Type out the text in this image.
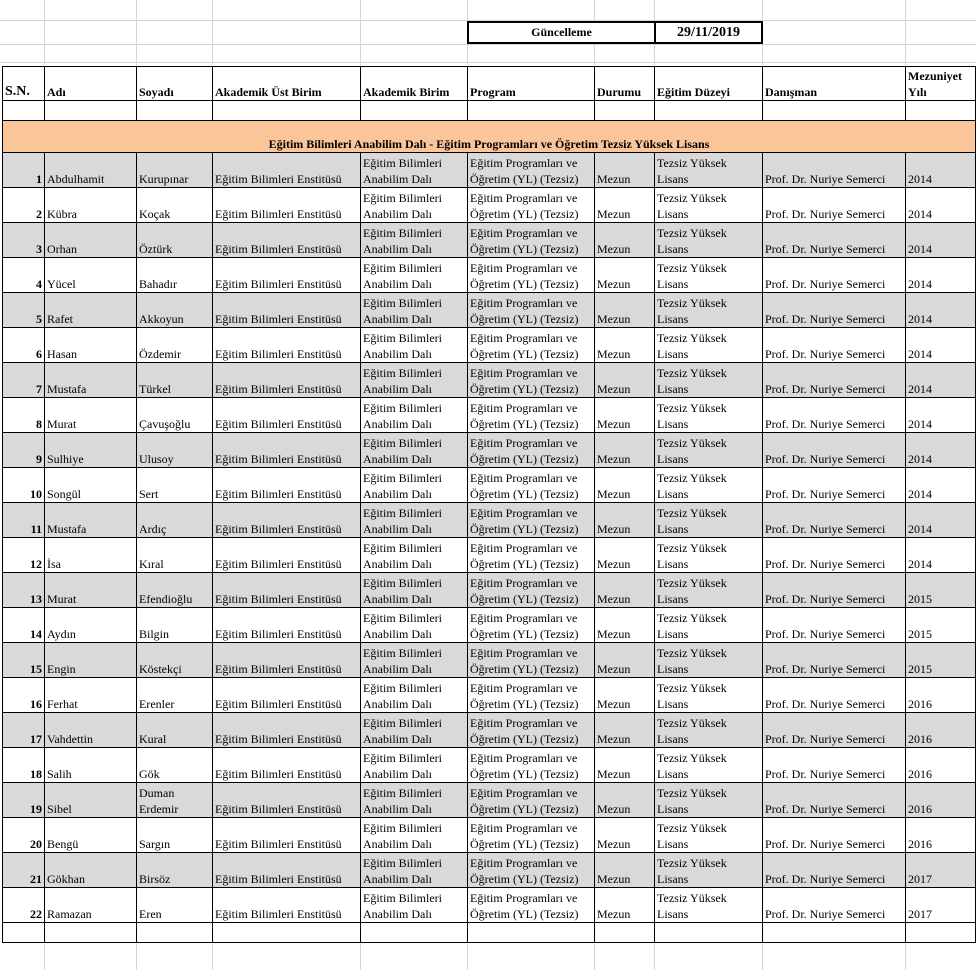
Güncelleme	29/11/2019
S.N.	Adı	Soyadı	Akademik Üst Birim	Akademik Birim	Program	Durumu	Eğitim Düzeyi	Danışman	Mezuniyet Yılı

Eğitim Bilimleri Anabilim Dalı - Eğitim Programları ve Öğretim Tezsiz Yüksek Lisans									
1	Abdulhamit	Kurupınar	Eğitim Bilimleri Enstitüsü	Eğitim Bilimleri Anabilim Dalı	Eğitim Programları ve Öğretim (YL) (Tezsiz)	Mezun	Tezsiz Yüksek Lisans	Prof. Dr. Nuriye Semerci	2014
2	Kübra	Koçak	Eğitim Bilimleri Enstitüsü	Eğitim Bilimleri Anabilim Dalı	Eğitim Programları ve Öğretim (YL) (Tezsiz)	Mezun	Tezsiz Yüksek Lisans	Prof. Dr. Nuriye Semerci	2014
3	Orhan	Öztürk	Eğitim Bilimleri Enstitüsü	Eğitim Bilimleri Anabilim Dalı	Eğitim Programları ve Öğretim (YL) (Tezsiz)	Mezun	Tezsiz Yüksek Lisans	Prof. Dr. Nuriye Semerci	2014
4	Yücel	Bahadır	Eğitim Bilimleri Enstitüsü	Eğitim Bilimleri Anabilim Dalı	Eğitim Programları ve Öğretim (YL) (Tezsiz)	Mezun	Tezsiz Yüksek Lisans	Prof. Dr. Nuriye Semerci	2014
5	Rafet	Akkoyun	Eğitim Bilimleri Enstitüsü	Eğitim Bilimleri Anabilim Dalı	Eğitim Programları ve Öğretim (YL) (Tezsiz)	Mezun	Tezsiz Yüksek Lisans	Prof. Dr. Nuriye Semerci	2014
6	Hasan	Özdemir	Eğitim Bilimleri Enstitüsü	Eğitim Bilimleri Anabilim Dalı	Eğitim Programları ve Öğretim (YL) (Tezsiz)	Mezun	Tezsiz Yüksek Lisans	Prof. Dr. Nuriye Semerci	2014
7	Mustafa	Türkel	Eğitim Bilimleri Enstitüsü	Eğitim Bilimleri Anabilim Dalı	Eğitim Programları ve Öğretim (YL) (Tezsiz)	Mezun	Tezsiz Yüksek Lisans	Prof. Dr. Nuriye Semerci	2014
8	Murat	Çavuşoğlu	Eğitim Bilimleri Enstitüsü	Eğitim Bilimleri Anabilim Dalı	Eğitim Programları ve Öğretim (YL) (Tezsiz)	Mezun	Tezsiz Yüksek Lisans	Prof. Dr. Nuriye Semerci	2014
9	Sulhiye	Ulusoy	Eğitim Bilimleri Enstitüsü	Eğitim Bilimleri Anabilim Dalı	Eğitim Programları ve Öğretim (YL) (Tezsiz)	Mezun	Tezsiz Yüksek Lisans	Prof. Dr. Nuriye Semerci	2014
10	Songül	Sert	Eğitim Bilimleri Enstitüsü	Eğitim Bilimleri Anabilim Dalı	Eğitim Programları ve Öğretim (YL) (Tezsiz)	Mezun	Tezsiz Yüksek Lisans	Prof. Dr. Nuriye Semerci	2014
11	Mustafa	Ardıç	Eğitim Bilimleri Enstitüsü	Eğitim Bilimleri Anabilim Dalı	Eğitim Programları ve Öğretim (YL) (Tezsiz)	Mezun	Tezsiz Yüksek Lisans	Prof. Dr. Nuriye Semerci	2014
12	İsa	Kıral	Eğitim Bilimleri Enstitüsü	Eğitim Bilimleri Anabilim Dalı	Eğitim Programları ve Öğretim (YL) (Tezsiz)	Mezun	Tezsiz Yüksek Lisans	Prof. Dr. Nuriye Semerci	2014
13	Murat	Efendioğlu	Eğitim Bilimleri Enstitüsü	Eğitim Bilimleri Anabilim Dalı	Eğitim Programları ve Öğretim (YL) (Tezsiz)	Mezun	Tezsiz Yüksek Lisans	Prof. Dr. Nuriye Semerci	2015
14	Aydın	Bilgin	Eğitim Bilimleri Enstitüsü	Eğitim Bilimleri Anabilim Dalı	Eğitim Programları ve Öğretim (YL) (Tezsiz)	Mezun	Tezsiz Yüksek Lisans	Prof. Dr. Nuriye Semerci	2015
15	Engin	Köstekçi	Eğitim Bilimleri Enstitüsü	Eğitim Bilimleri Anabilim Dalı	Eğitim Programları ve Öğretim (YL) (Tezsiz)	Mezun	Tezsiz Yüksek Lisans	Prof. Dr. Nuriye Semerci	2015
16	Ferhat	Erenler	Eğitim Bilimleri Enstitüsü	Eğitim Bilimleri Anabilim Dalı	Eğitim Programları ve Öğretim (YL) (Tezsiz)	Mezun	Tezsiz Yüksek Lisans	Prof. Dr. Nuriye Semerci	2016
17	Vahdettin	Kural	Eğitim Bilimleri Enstitüsü	Eğitim Bilimleri Anabilim Dalı	Eğitim Programları ve Öğretim (YL) (Tezsiz)	Mezun	Tezsiz Yüksek Lisans	Prof. Dr. Nuriye Semerci	2016
18	Salih	Gök	Eğitim Bilimleri Enstitüsü	Eğitim Bilimleri Anabilim Dalı	Eğitim Programları ve Öğretim (YL) (Tezsiz)	Mezun	Tezsiz Yüksek Lisans	Prof. Dr. Nuriye Semerci	2016
19	Sibel	Duman Erdemir	Eğitim Bilimleri Enstitüsü	Eğitim Bilimleri Anabilim Dalı	Eğitim Programları ve Öğretim (YL) (Tezsiz)	Mezun	Tezsiz Yüksek Lisans	Prof. Dr. Nuriye Semerci	2016
20	Bengü	Sargın	Eğitim Bilimleri Enstitüsü	Eğitim Bilimleri Anabilim Dalı	Eğitim Programları ve Öğretim (YL) (Tezsiz)	Mezun	Tezsiz Yüksek Lisans	Prof. Dr. Nuriye Semerci	2016
21	Gökhan	Birsöz	Eğitim Bilimleri Enstitüsü	Eğitim Bilimleri Anabilim Dalı	Eğitim Programları ve Öğretim (YL) (Tezsiz)	Mezun	Tezsiz Yüksek Lisans	Prof. Dr. Nuriye Semerci	2017
22	Ramazan	Eren	Eğitim Bilimleri Enstitüsü	Eğitim Bilimleri Anabilim Dalı	Eğitim Programları ve Öğretim (YL) (Tezsiz)	Mezun	Tezsiz Yüksek Lisans	Prof. Dr. Nuriye Semerci	2017
